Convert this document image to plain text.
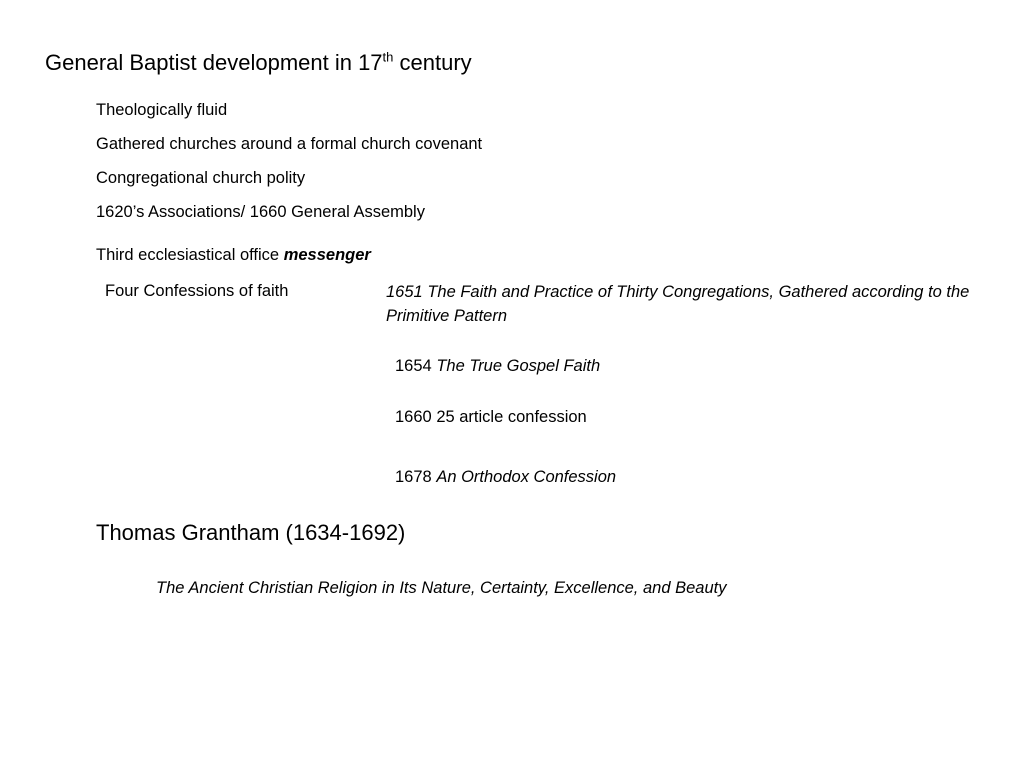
General Baptist development in 17th century
Theologically fluid
Gathered churches around a formal church covenant
Congregational church polity
1620’s Associations/ 1660 General Assembly
Third ecclesiastical office messenger
Four Confessions of faith	1651 The Faith and Practice of Thirty Congregations, Gathered according to the Primitive Pattern
1654 The True Gospel Faith
1660 25 article confession
1678 An Orthodox Confession
Thomas Grantham (1634-1692)
The Ancient Christian Religion in Its Nature, Certainty, Excellence, and Beauty
